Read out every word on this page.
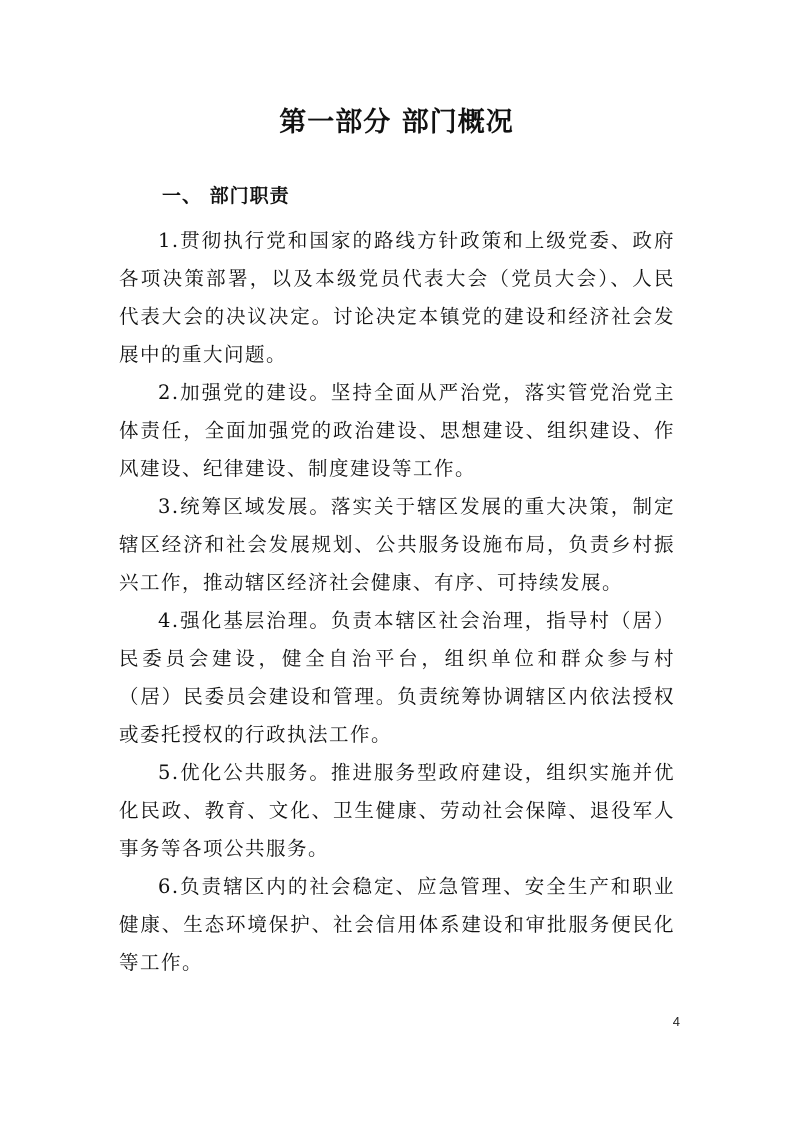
第一部分 部门概况
一、 部门职责

1.贯彻执行党和国家的路线方针政策和上级党委、政府各项决策部署，以及本级党员代表大会（党员大会）、人民代表大会的决议决定。讨论决定本镇党的建设和经济社会发展中的重大问题。

2.加强党的建设。坚持全面从严治党，落实管党治党主体责任，全面加强党的政治建设、思想建设、组织建设、作风建设、纪律建设、制度建设等工作。

3.统筹区域发展。落实关于辖区发展的重大决策，制定辖区经济和社会发展规划、公共服务设施布局，负责乡村振兴工作，推动辖区经济社会健康、有序、可持续发展。

4.强化基层治理。负责本辖区社会治理，指导村（居）民委员会建设，健全自治平台，组织单位和群众参与村（居）民委员会建设和管理。负责统筹协调辖区内依法授权或委托授权的行政执法工作。

5.优化公共服务。推进服务型政府建设，组织实施并优化民政、教育、文化、卫生健康、劳动社会保障、退役军人事务等各项公共服务。

6.负责辖区内的社会稳定、应急管理、安全生产和职业健康、生态环境保护、社会信用体系建设和审批服务便民化等工作。

4
